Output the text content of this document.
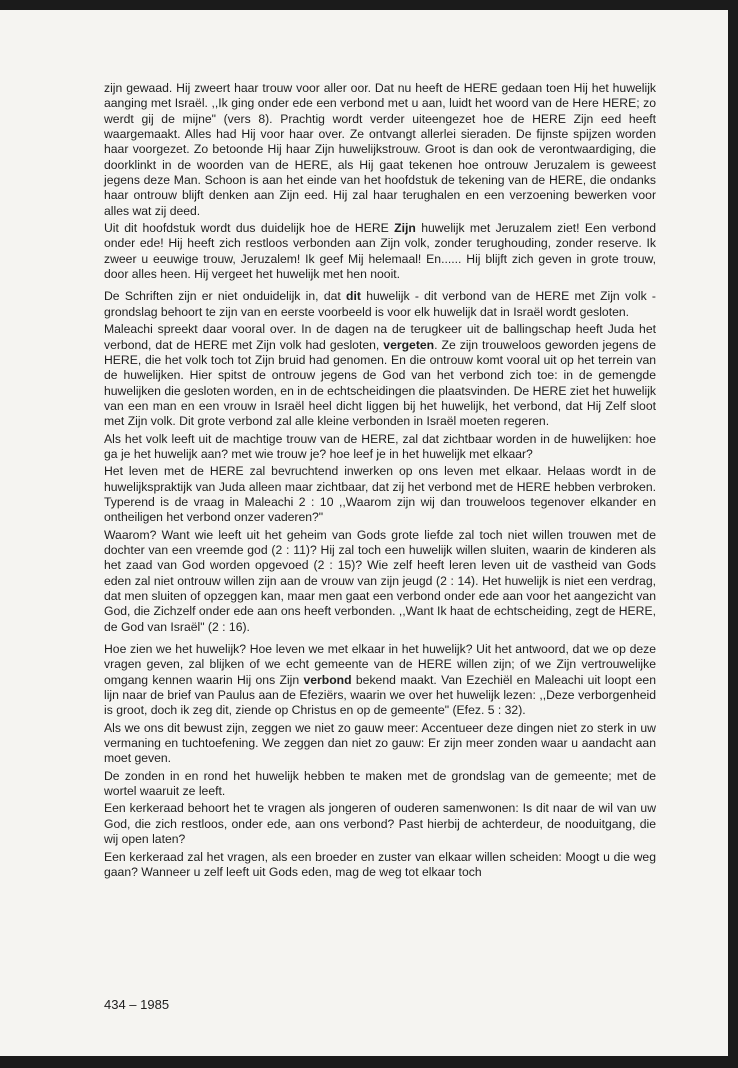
zijn gewaad. Hij zweert haar trouw voor aller oor. Dat nu heeft de HERE gedaan toen Hij het huwelijk aanging met Israël. ,,Ik ging onder ede een verbond met u aan, luidt het woord van de Here HERE; zo werdt gij de mijne" (vers 8). Prachtig wordt verder uiteengezet hoe de HERE Zijn eed heeft waargemaakt. Alles had Hij voor haar over. Ze ontvangt allerlei sieraden. De fijnste spijzen worden haar voorgezet. Zo betoonde Hij haar Zijn huwelijkstrouw. Groot is dan ook de verontwaardiging, die doorklinkt in de woorden van de HERE, als Hij gaat tekenen hoe ontrouw Jeruzalem is geweest jegens deze Man. Schoon is aan het einde van het hoofdstuk de tekening van de HERE, die ondanks haar ontrouw blijft denken aan Zijn eed. Hij zal haar terughalen en een verzoening bewerken voor alles wat zij deed.

Uit dit hoofdstuk wordt dus duidelijk hoe de HERE Zijn huwelijk met Jeruzalem ziet! Een verbond onder ede! Hij heeft zich restloos verbonden aan Zijn volk, zonder terughouding, zonder reserve. Ik zweer u eeuwige trouw, Jeruzalem! Ik geef Mij helemaal! En...... Hij blijft zich geven in grote trouw, door alles heen. Hij vergeet het huwelijk met hen nooit.

De Schriften zijn er niet onduidelijk in, dat dit huwelijk - dit verbond van de HERE met Zijn volk - grondslag behoort te zijn van en eerste voorbeeld is voor elk huwelijk dat in Israël wordt gesloten.

Maleachi spreekt daar vooral over. In de dagen na de terugkeer uit de ballingschap heeft Juda het verbond, dat de HERE met Zijn volk had gesloten, vergeten. Ze zijn trouweloos geworden jegens de HERE, die het volk toch tot Zijn bruid had genomen. En die ontrouw komt vooral uit op het terrein van de huwelijken. Hier spitst de ontrouw jegens de God van het verbond zich toe: in de gemengde huwelijken die gesloten worden, en in de echtscheidingen die plaatsvinden. De HERE ziet het huwelijk van een man en een vrouw in Israël heel dicht liggen bij het huwelijk, het verbond, dat Hij Zelf sloot met Zijn volk. Dit grote verbond zal alle kleine verbonden in Israël moeten regeren.

Als het volk leeft uit de machtige trouw van de HERE, zal dat zichtbaar worden in de huwelijken: hoe ga je het huwelijk aan? met wie trouw je? hoe leef je in het huwelijk met elkaar?

Het leven met de HERE zal bevruchtend inwerken op ons leven met elkaar. Helaas wordt in de huwelijkspraktijk van Juda alleen maar zichtbaar, dat zij het verbond met de HERE hebben verbroken. Typerend is de vraag in Maleachi 2 : 10 ,,Waarom zijn wij dan trouweloos tegenover elkander en ontheiligen het verbond onzer vaderen?"

Waarom? Want wie leeft uit het geheim van Gods grote liefde zal toch niet willen trouwen met de dochter van een vreemde god (2 : 11)? Hij zal toch een huwelijk willen sluiten, waarin de kinderen als het zaad van God worden opgevoed (2 : 15)? Wie zelf heeft leren leven uit de vastheid van Gods eden zal niet ontrouw willen zijn aan de vrouw van zijn jeugd (2 : 14). Het huwelijk is niet een verdrag, dat men sluiten of opzeggen kan, maar men gaat een verbond onder ede aan voor het aangezicht van God, die Zichzelf onder ede aan ons heeft verbonden. ,,Want Ik haat de echtscheiding, zegt de HERE, de God van Israël" (2 : 16).

Hoe zien we het huwelijk? Hoe leven we met elkaar in het huwelijk? Uit het antwoord, dat we op deze vragen geven, zal blijken of we echt gemeente van de HERE willen zijn; of we Zijn vertrouwelijke omgang kennen waarin Hij ons Zijn verbond bekend maakt. Van Ezechiël en Maleachi uit loopt een lijn naar de brief van Paulus aan de Efeziërs, waarin we over het huwelijk lezen: ,,Deze verborgenheid is groot, doch ik zeg dit, ziende op Christus en op de gemeente" (Efez. 5 : 32).

Als we ons dit bewust zijn, zeggen we niet zo gauw meer: Accentueer deze dingen niet zo sterk in uw vermaning en tuchtoefening. We zeggen dan niet zo gauw: Er zijn meer zonden waar u aandacht aan moet geven.

De zonden in en rond het huwelijk hebben te maken met de grondslag van de gemeente; met de wortel waaruit ze leeft.

Een kerkeraad behoort het te vragen als jongeren of ouderen samenwonen: Is dit naar de wil van uw God, die zich restloos, onder ede, aan ons verbond? Past hierbij de achterdeur, de nooduitgang, die wij open laten?

Een kerkeraad zal het vragen, als een broeder en zuster van elkaar willen scheiden: Moogt u die weg gaan? Wanneer u zelf leeft uit Gods eden, mag de weg tot elkaar toch

434 – 1985
